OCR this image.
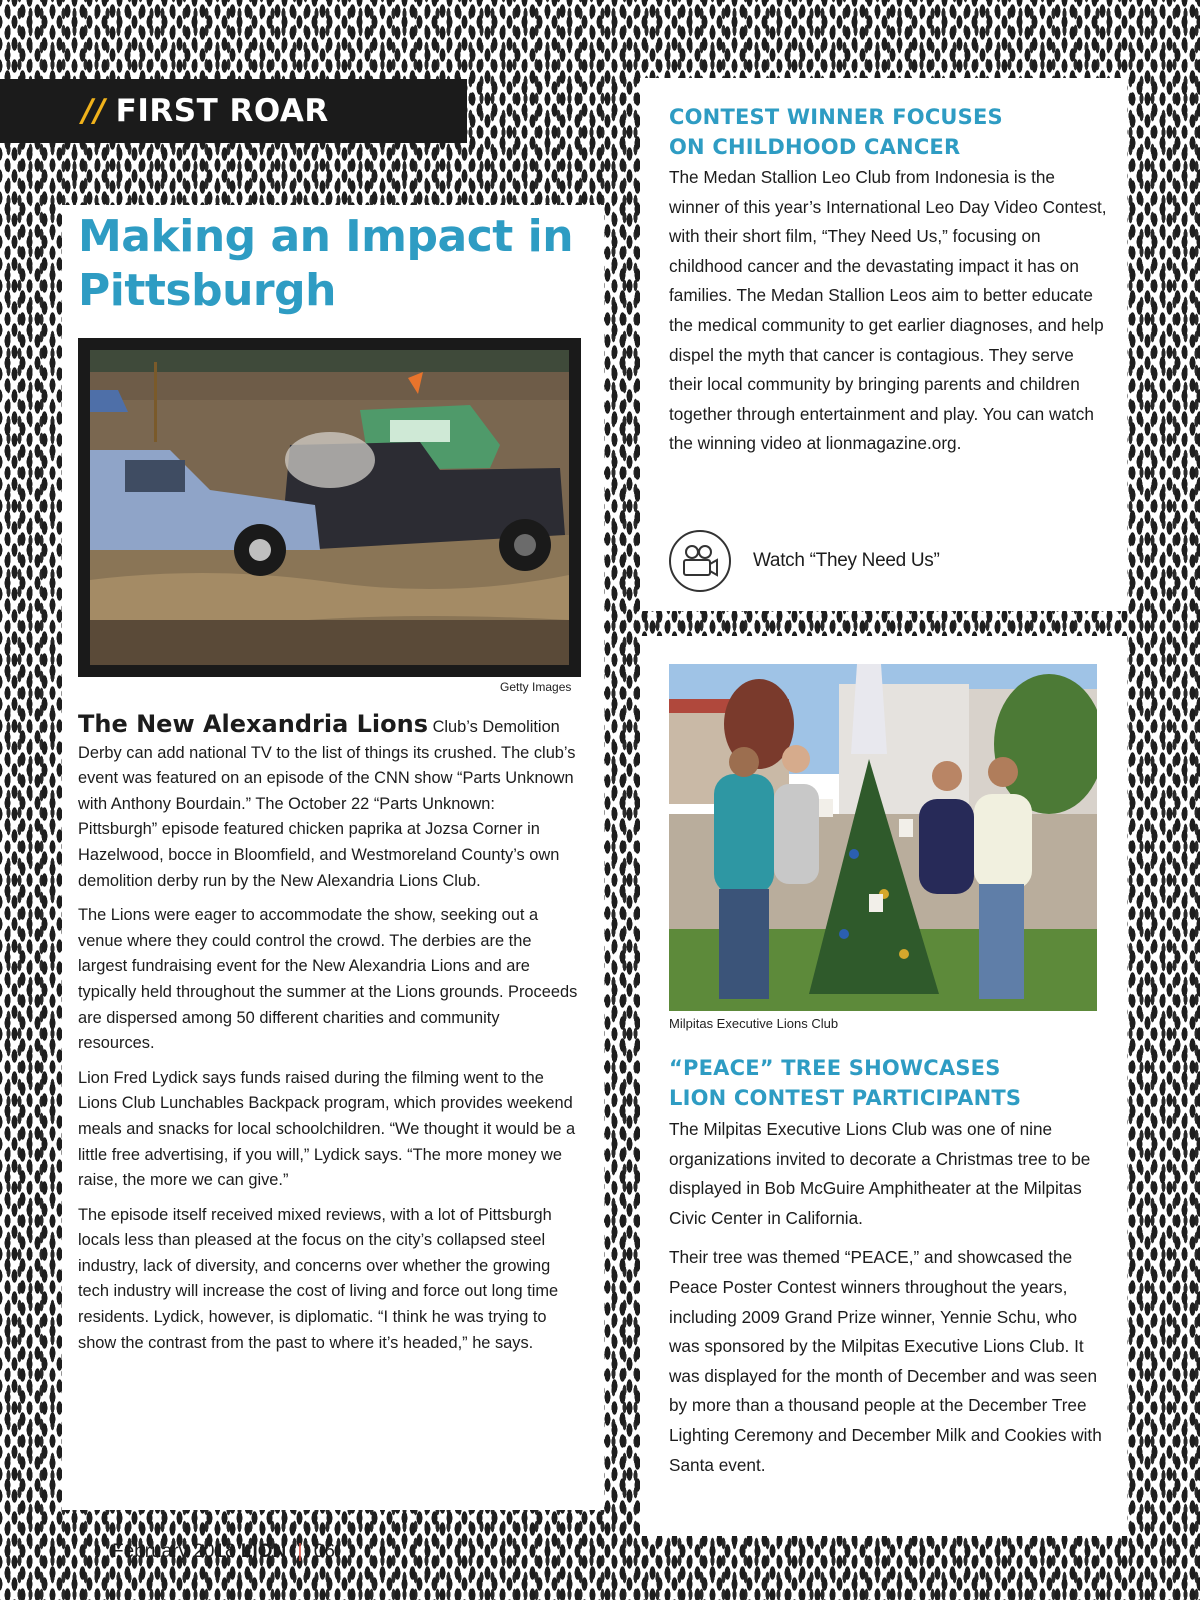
// FIRST ROAR
Making an Impact in Pittsburgh
Getty Images

The New Alexandria Lions Club’s Demolition Derby can add national TV to the list of things its crushed. The club’s event was featured on an episode of the CNN show “Parts Unknown with Anthony Bourdain.” The October 22 “Parts Unknown: Pittsburgh” episode featured chicken paprika at Jozsa Corner in Hazelwood, bocce in Bloomfield, and Westmoreland County’s own demolition derby run by the New Alexandria Lions Club.

The Lions were eager to accommodate the show, seeking out a venue where they could control the crowd. The derbies are the largest fundraising event for the New Alexandria Lions and are typically held throughout the summer at the Lions grounds. Proceeds are dispersed among 50 different charities and community resources.

Lion Fred Lydick says funds raised during the filming went to the Lions Club Lunchables Backpack program, which provides weekend meals and snacks for local schoolchildren. “We thought it would be a little free advertising, if you will,” Lydick says. “The more money we raise, the more we can give.”

The episode itself received mixed reviews, with a lot of Pittsburgh locals less than pleased at the focus on the city’s collapsed steel industry, lack of diversity, and concerns over whether the growing tech industry will increase the cost of living and force out long time residents. Lydick, however, is diplomatic. “I think he was trying to show the contrast from the past to where it’s headed,” he says.

CONTEST WINNER FOCUSES
ON CHILDHOOD CANCER

The Medan Stallion Leo Club from Indonesia is the winner of this year’s International Leo Day Video Contest, with their short film, “They Need Us,” focusing on childhood cancer and the devastating impact it has on families. The Medan Stallion Leos aim to better educate the medical community to get earlier diagnoses, and help dispel the myth that cancer is contagious. They serve their local community by bringing parents and children together through entertainment and play. You can watch the winning video at lionmagazine.org.

Watch “They Need Us”
Milpitas Executive Lions Club
“PEACE” TREE SHOWCASES
LION CONTEST PARTICIPANTS

The Milpitas Executive Lions Club was one of nine organizations invited to decorate a Christmas tree to be displayed in Bob McGuire Amphitheater at the Milpitas Civic Center in California.

Their tree was themed “PEACE,” and showcased the Peace Poster Contest winners throughout the years, including 2009 Grand Prize winner, Yennie Schu, who was sponsored by the Milpitas Executive Lions Club. It was displayed for the month of December and was seen by more than a thousand people at the December Tree Lighting Ceremony and December Milk and Cookies with Santa event.

February 2018 LION | 06
